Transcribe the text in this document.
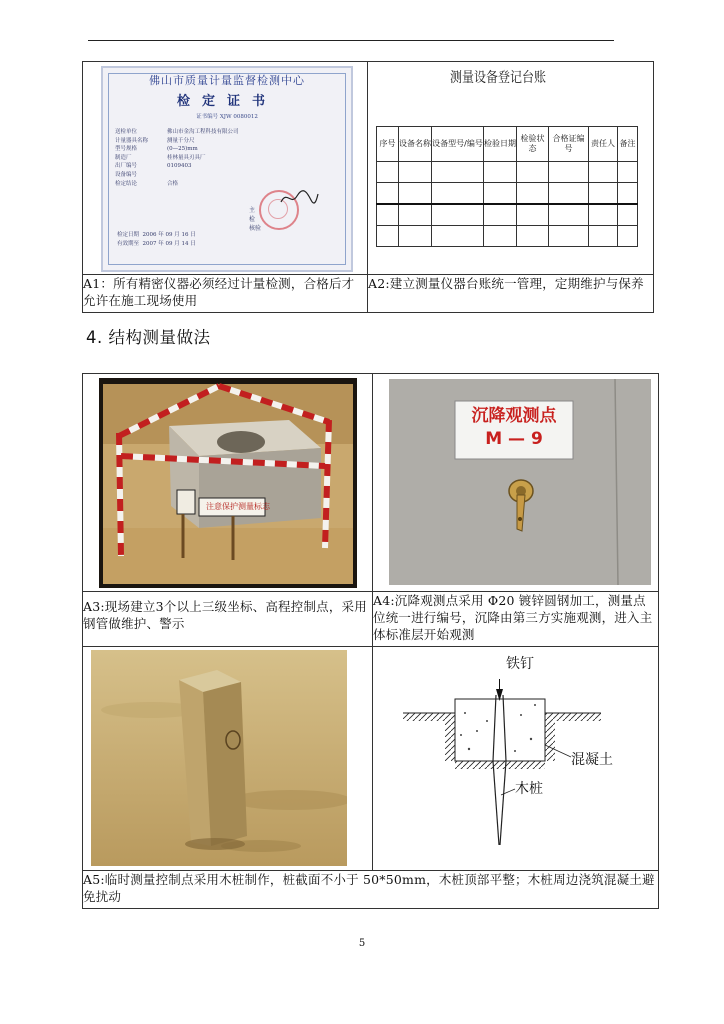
佛山市质量计量监督检测中心
检定证书
证书编号 XJW 0080012
送检单位	佛山市金沟工程科技有限公司
计量器具名称	测量千分尺
型号规格	(0—25)mm
制造厂	桂林量具刃具厂
出厂编号	0109403
设备编号
检定结论	合格
主
检
核验
检定日期 2006 年 09 月 16 日
有效期至 2007 年 09 月 14 日

测量设备登记台账
序号	设备名称	设备型号/编号	检验日期	检验状态	合格证编号	责任人	备注

A1：所有精密仪器必须经过计量检测，合格后才允许在施工现场使用	A2:建立测量仪器台账统一管理，定期维护与保养
4. 结构测量做法
注意保护测量标志	沉降观测点
M — 9

A3:现场建立3个以上三级坐标、高程控制点，采用钢管做维护、警示	A4:沉降观测点采用 Φ20 镀锌圆钢加工，测量点位统一进行编号，沉降由第三方实施观测，进入主体标准层开始观测

铁钉
混凝土
木桩

A5:临时测量控制点采用木桩制作，桩截面不小于 50*50mm，木桩顶部平整；木桩周边浇筑混凝土避免扰动	
5
